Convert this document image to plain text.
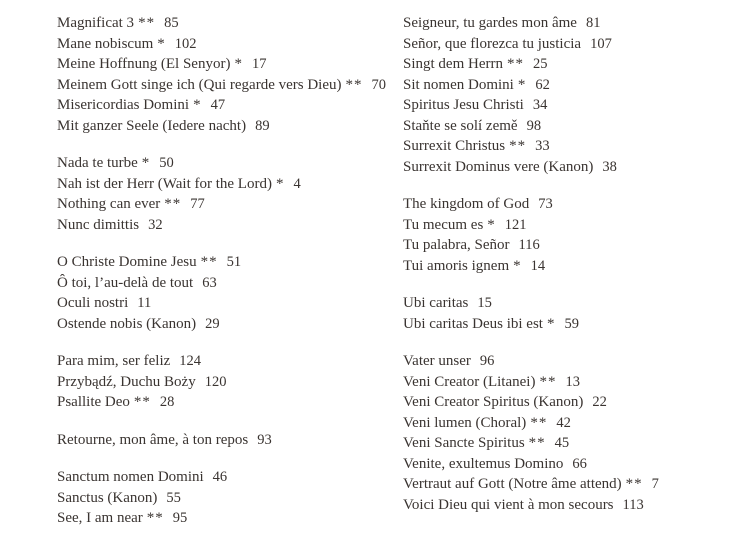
Magnificat 3 ** 85
Mane nobiscum * 102
Meine Hoffnung (El Senyor) * 17
Meinem Gott singe ich (Qui regarde vers Dieu) ** 70
Misericordias Domini * 47
Mit ganzer Seele (Iedere nacht) 89
Nada te turbe * 50
Nah ist der Herr (Wait for the Lord) * 4
Nothing can ever ** 77
Nunc dimittis 32
O Christe Domine Jesu ** 51
Ô toi, l’au-delà de tout 63
Oculi nostri 11
Ostende nobis (Kanon) 29
Para mim, ser feliz 124
Przybądź, Duchu Boży 120
Psallite Deo ** 28
Retourne, mon âme, à ton repos 93
Sanctum nomen Domini 46
Sanctus (Kanon) 55
See, I am near ** 95
Seigneur, tu gardes mon âme 81
Señor, que florezca tu justicia 107
Singt dem Herrn ** 25
Sit nomen Domini * 62
Spiritus Jesu Christi 34
Staňte se solí země 98
Surrexit Christus ** 33
Surrexit Dominus vere (Kanon) 38
The kingdom of God 73
Tu mecum es * 121
Tu palabra, Señor 116
Tui amoris ignem * 14
Ubi caritas 15
Ubi caritas Deus ibi est * 59
Vater unser 96
Veni Creator (Litanei) ** 13
Veni Creator Spiritus (Kanon) 22
Veni lumen (Choral) ** 42
Veni Sancte Spiritus ** 45
Venite, exultemus Domino 66
Vertraut auf Gott (Notre âme attend) ** 7
Voici Dieu qui vient à mon secours 113
